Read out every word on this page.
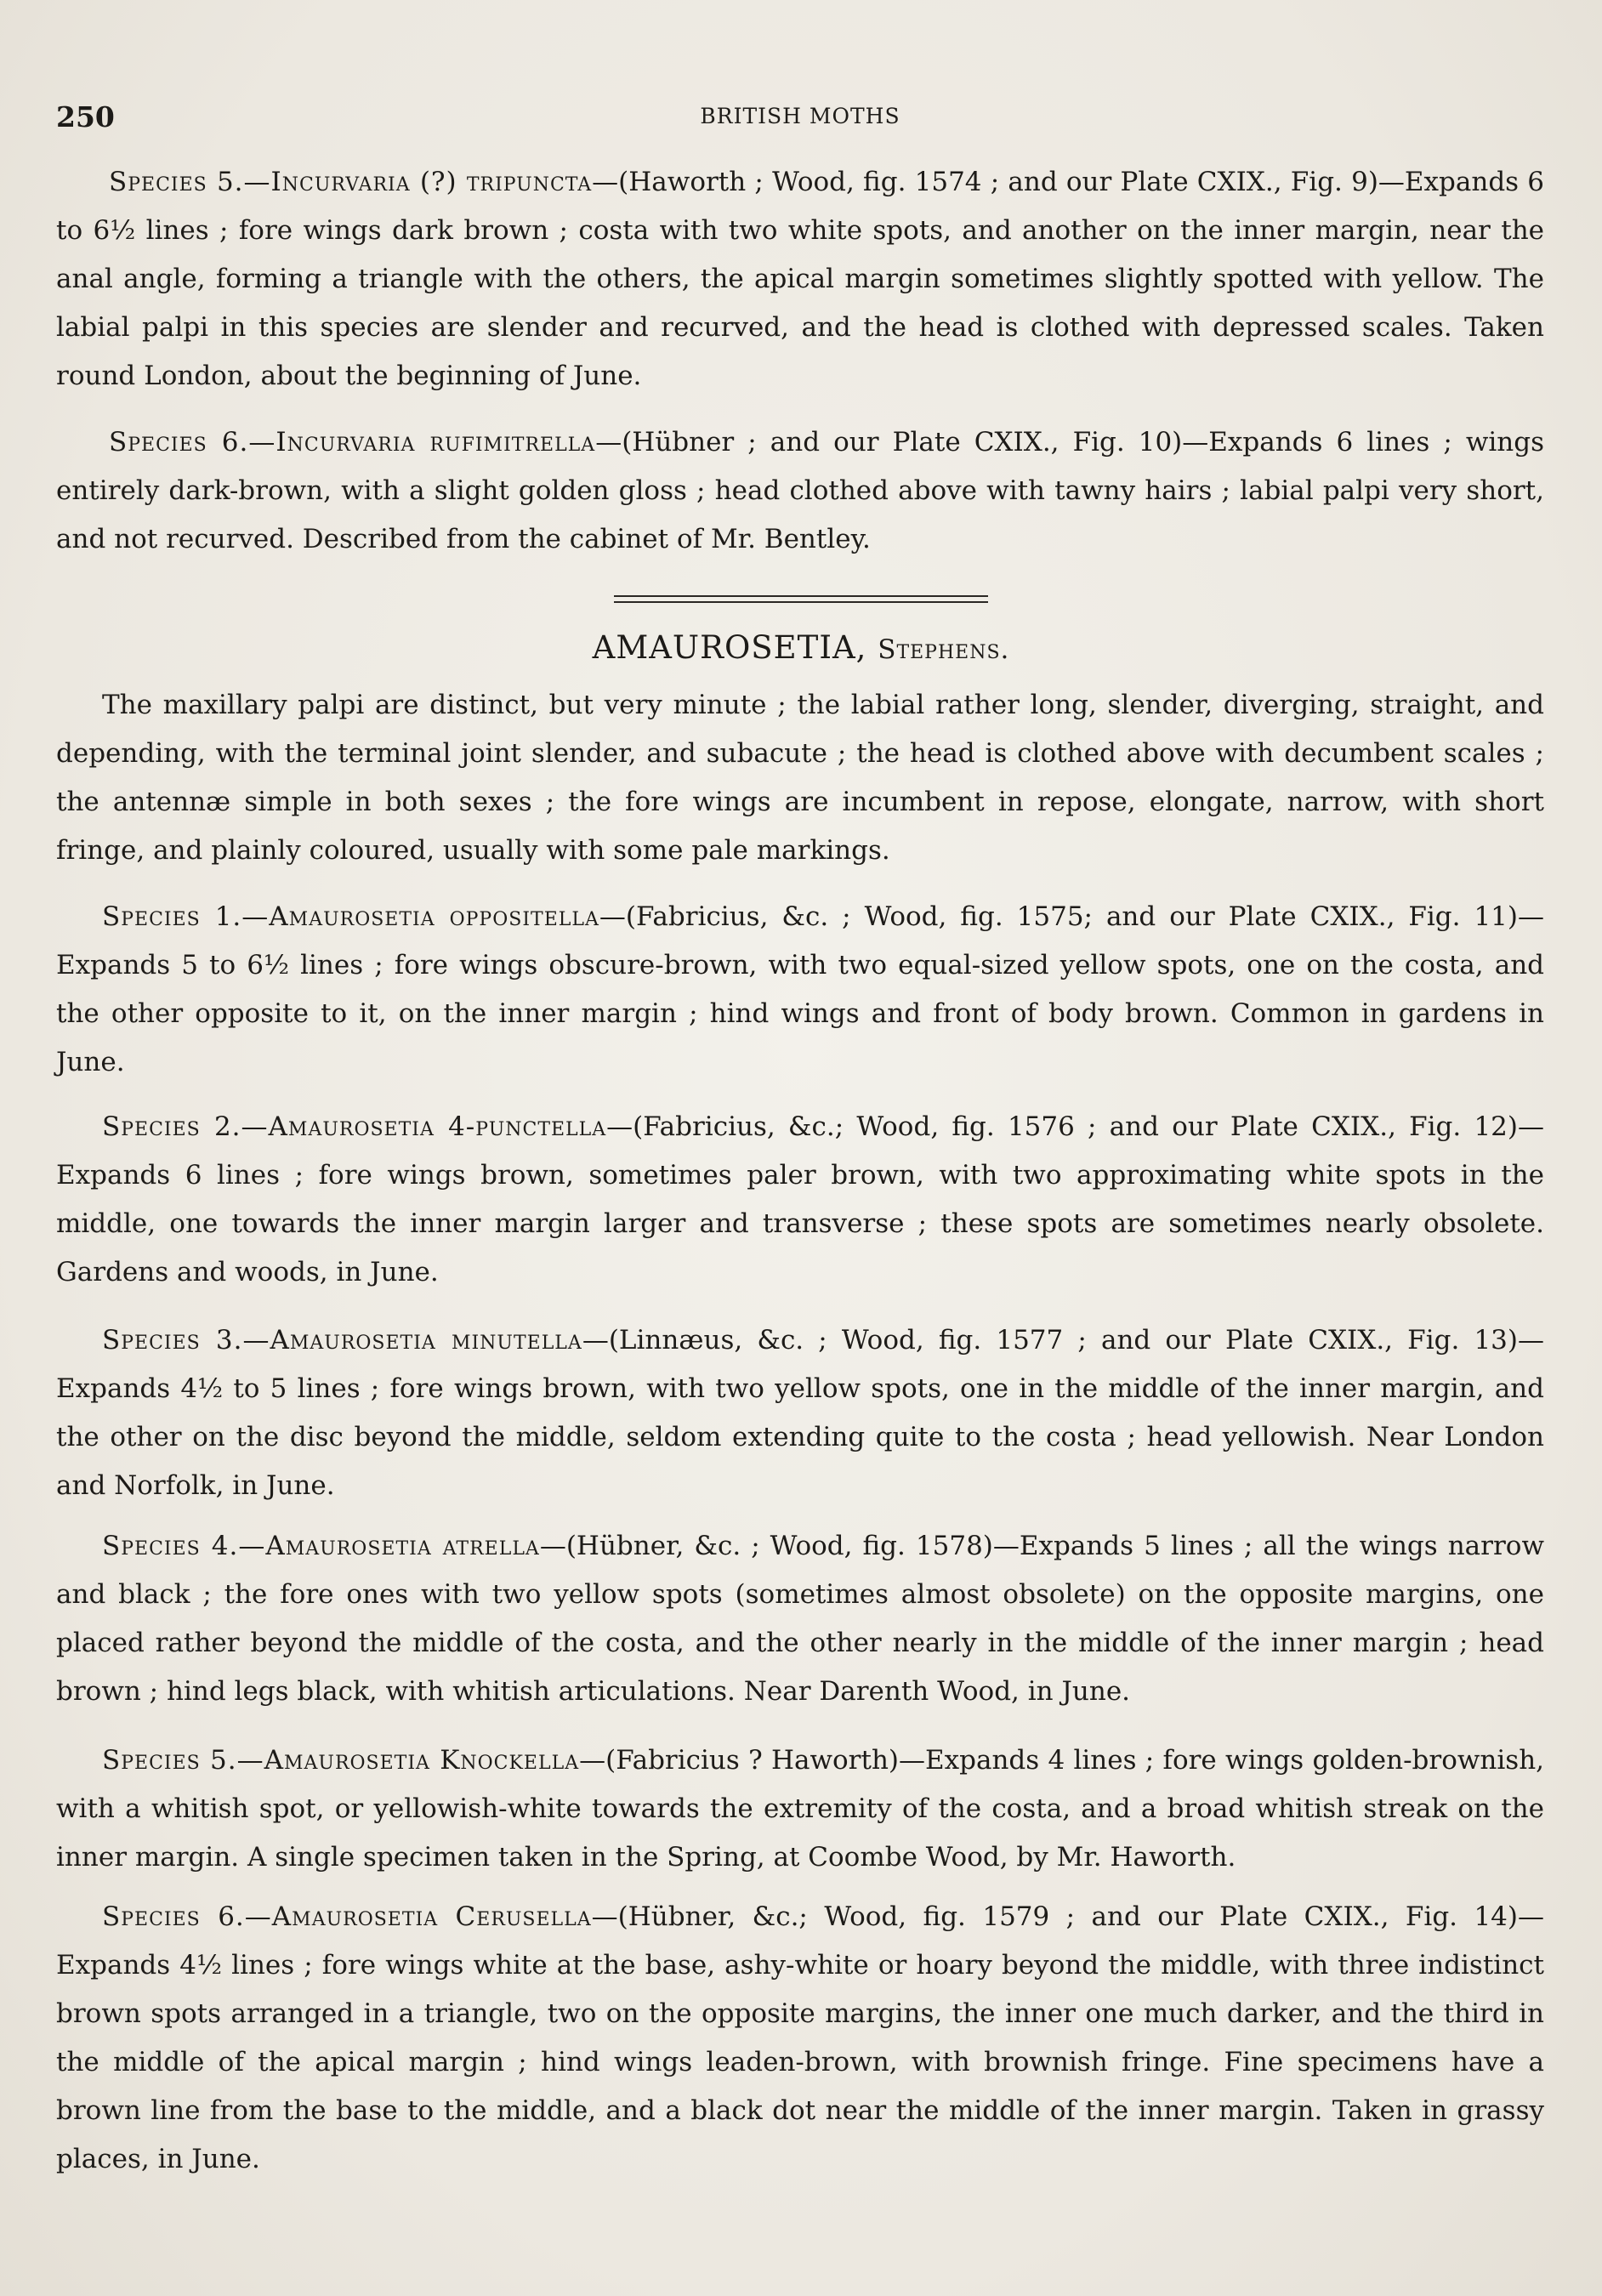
250	BRITISH MOTHS

Species 5.—Incurvaria (?) tripuncta—(Haworth ; Wood, fig. 1574 ; and our Plate CXIX., Fig. 9)—Expands 6 to 6½ lines ; fore wings dark brown ; costa with two white spots, and another on the inner margin, near the anal angle, forming a triangle with the others, the apical margin sometimes slightly spotted with yellow. The labial palpi in this species are slender and recurved, and the head is clothed with depressed scales. Taken round London, about the beginning of June.

Species 6.—Incurvaria rufimitrella—(Hübner ; and our Plate CXIX., Fig. 10)—Expands 6 lines ; wings entirely dark-brown, with a slight golden gloss ; head clothed above with tawny hairs ; labial palpi very short, and not recurved. Described from the cabinet of Mr. Bentley.

AMAUROSETIA, Stephens.

The maxillary palpi are distinct, but very minute ; the labial rather long, slender, diverging, straight, and depending, with the terminal joint slender, and subacute ; the head is clothed above with decumbent scales ; the antennæ simple in both sexes ; the fore wings are incumbent in repose, elongate, narrow, with short fringe, and plainly coloured, usually with some pale markings.

Species 1.—Amaurosetia oppositella—(Fabricius, &c. ; Wood, fig. 1575; and our Plate CXIX., Fig. 11)—Expands 5 to 6½ lines ; fore wings obscure-brown, with two equal-sized yellow spots, one on the costa, and the other opposite to it, on the inner margin ; hind wings and front of body brown. Common in gardens in June.

Species 2.—Amaurosetia 4-punctella—(Fabricius, &c.; Wood, fig. 1576 ; and our Plate CXIX., Fig. 12)—Expands 6 lines ; fore wings brown, sometimes paler brown, with two approximating white spots in the middle, one towards the inner margin larger and transverse ; these spots are sometimes nearly obsolete. Gardens and woods, in June.

Species 3.—Amaurosetia minutella—(Linnæus, &c. ; Wood, fig. 1577 ; and our Plate CXIX., Fig. 13)—Expands 4½ to 5 lines ; fore wings brown, with two yellow spots, one in the middle of the inner margin, and the other on the disc beyond the middle, seldom extending quite to the costa ; head yellowish. Near London and Norfolk, in June.

Species 4.—Amaurosetia atrella—(Hübner, &c. ; Wood, fig. 1578)—Expands 5 lines ; all the wings narrow and black ; the fore ones with two yellow spots (sometimes almost obsolete) on the opposite margins, one placed rather beyond the middle of the costa, and the other nearly in the middle of the inner margin ; head brown ; hind legs black, with whitish articulations. Near Darenth Wood, in June.

Species 5.—Amaurosetia Knockella—(Fabricius ? Haworth)—Expands 4 lines ; fore wings golden-brownish, with a whitish spot, or yellowish-white towards the extremity of the costa, and a broad whitish streak on the inner margin. A single specimen taken in the Spring, at Coombe Wood, by Mr. Haworth.

Species 6.—Amaurosetia Cerusella—(Hübner, &c.; Wood, fig. 1579 ; and our Plate CXIX., Fig. 14)—Expands 4½ lines ; fore wings white at the base, ashy-white or hoary beyond the middle, with three indistinct brown spots arranged in a triangle, two on the opposite margins, the inner one much darker, and the third in the middle of the apical margin ; hind wings leaden-brown, with brownish fringe. Fine specimens have a brown line from the base to the middle, and a black dot near the middle of the inner margin. Taken in grassy places, in June.
